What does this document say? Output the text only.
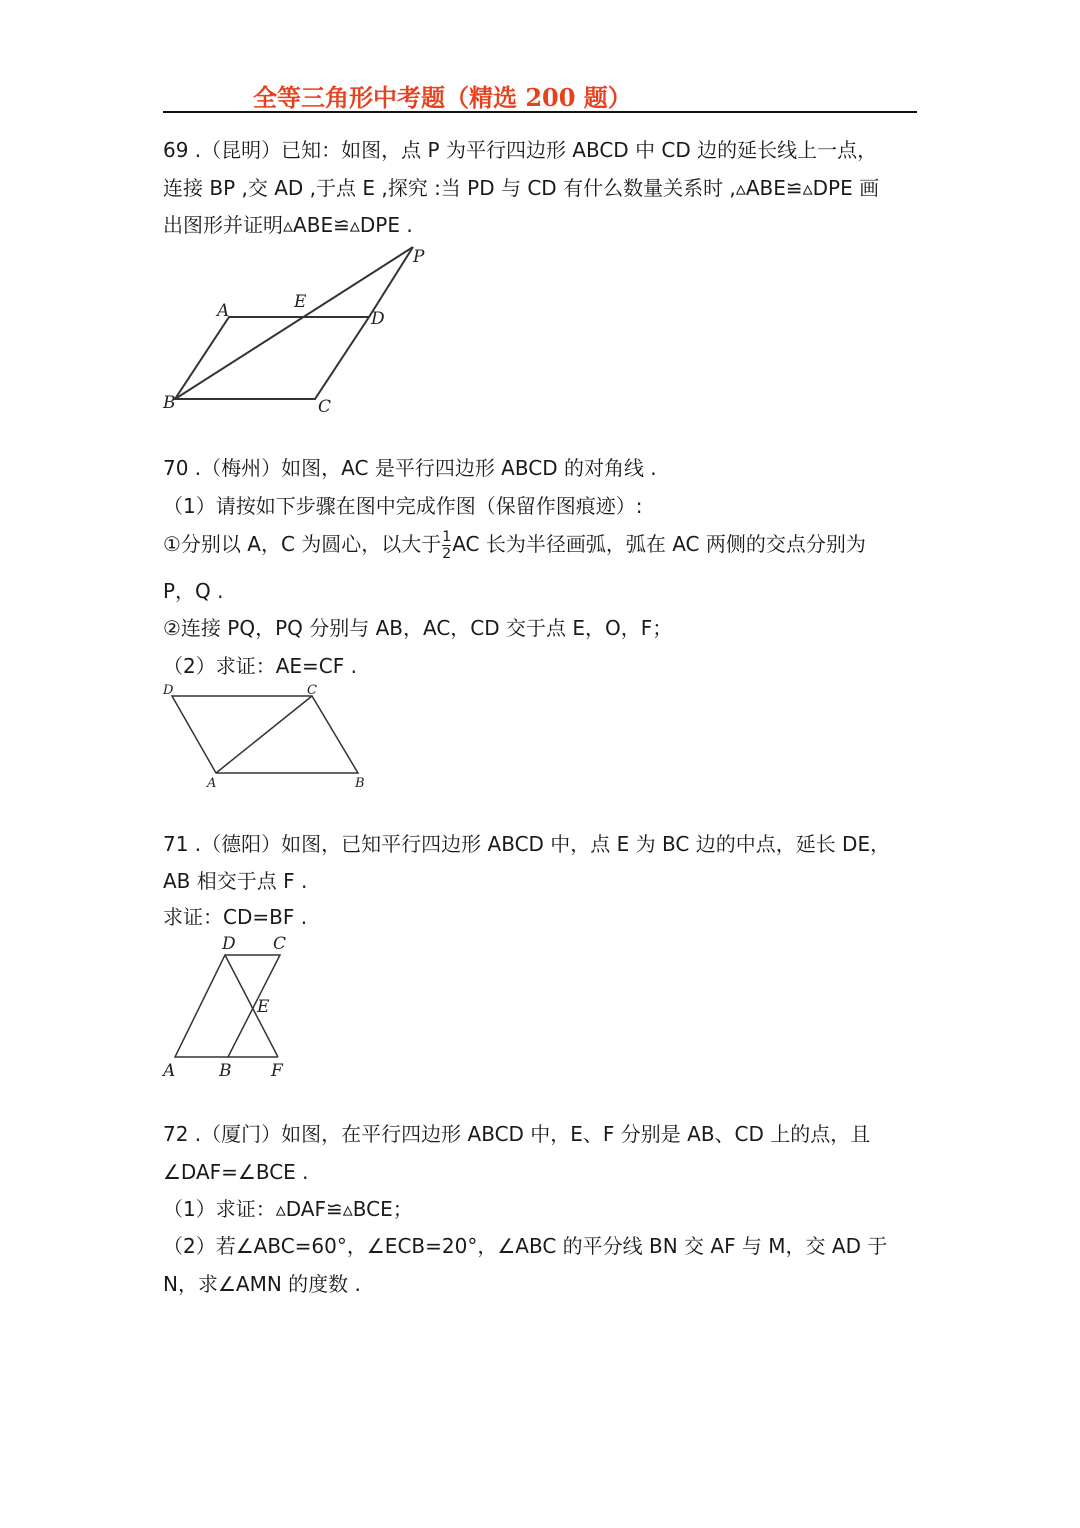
全等三角形中考题（精选 200 题）
69 .（昆明）已知：如图，点 P 为平行四边形 ABCD 中 CD 边的延长线上一点，
连接 BP ,交 AD ,于点 E ,探究 :当 PD 与 CD 有什么数量关系时 ,▵ABE≌▵DPE 画
出图形并证明▵ABE≌▵DPE .
A	E
D
P
B	C
70 .（梅州）如图，AC 是平行四边形 ABCD 的对角线 .
（1）请按如下步骤在图中完成作图（保留作图痕迹）:
①分别以 A，C 为圆心，以大于 $\frac{1}{2}$ AC 长为半径画弧，弧在 AC 两侧的交点分别为
P，Q .
②连接 PQ，PQ 分别与 AB，AC，CD 交于点 E，O，F；
（2）求证：AE=CF .
D	C
A	B
71 .（德阳）如图，已知平行四边形 ABCD 中，点 E 为 BC 边的中点，延长 DE，
AB 相交于点 F .
求证：CD=BF .
D C
E
A	B F
72 .（厦门）如图，在平行四边形 ABCD 中，E、F 分别是 AB、CD 上的点，且
∠DAF=∠BCE .
（1）求证：▵DAF≌▵BCE；
（2）若∠ABC=60°，∠ECB=20°，∠ABC 的平分线 BN 交 AF 与 M，交 AD 于
N，求∠AMN 的度数 .
